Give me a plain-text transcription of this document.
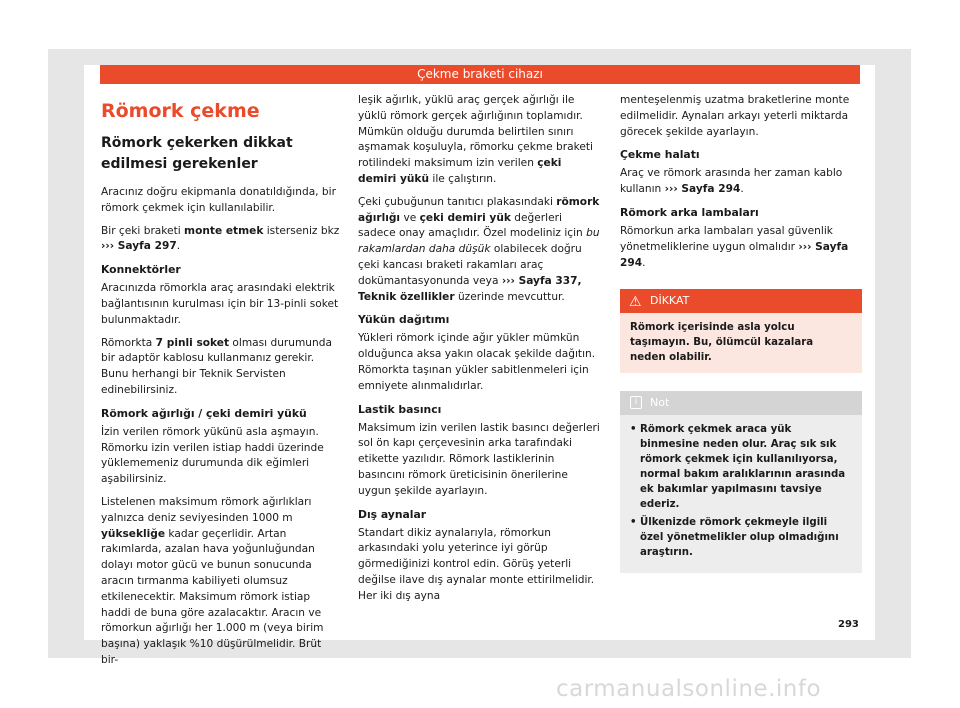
Çekme braketi cihazı
Römork çekme
Römork çekerken dikkat edilmesi gerekenler

Aracınız doğru ekipmanla donatıldığında, bir römork çekmek için kullanılabilir.

Bir çeki braketi monte etmek isterseniz bkz ››› Sayfa 297.

Konnektörler

Aracınızda römorkla araç arasındaki elektrik bağlantısının kurulması için bir 13-pinli soket bulunmaktadır.

Römorkta 7 pinli soket olması durumunda bir adaptör kablosu kullanmanız gerekir. Bunu herhangi bir Teknik Servisten edinebilirsiniz.

Römork ağırlığı / çeki demiri yükü

İzin verilen römork yükünü asla aşmayın. Römorku izin verilen istiap haddi üzerinde yüklememeniz durumunda dik eğimleri aşabilirsiniz.

Listelenen maksimum römork ağırlıkları yalnızca deniz seviyesinden 1000 m yüksekliğe kadar geçerlidir. Artan rakımlarda, azalan hava yoğunluğundan dolayı motor gücü ve bunun sonucunda aracın tırmanma kabiliyeti olumsuz etkilenecektir. Maksimum römork istiap haddi de buna göre azalacaktır. Aracın ve römorkun ağırlığı her 1.000 m (veya birim başına) yaklaşık %10 düşürülmelidir. Brüt bir-

leşik ağırlık, yüklü araç gerçek ağırlığı ile yüklü römork gerçek ağırlığının toplamıdır. Mümkün olduğu durumda belirtilen sınırı aşmamak koşuluyla, römorku çekme braketi rotilindeki maksimum izin verilen çeki demiri yükü ile çalıştırın.

Çeki çubuğunun tanıtıcı plakasındaki römork ağırlığı ve çeki demiri yük değerleri sadece onay amaçlıdır. Özel modeliniz için bu rakamlardan daha düşük olabilecek doğru çeki kancası braketi rakamları araç dokümantasyonunda veya ››› Sayfa 337, Teknik özellikler üzerinde mevcuttur.

Yükün dağıtımı

Yükleri römork içinde ağır yükler mümkün olduğunca aksa yakın olacak şekilde dağıtın. Römorkta taşınan yükler sabitlenmeleri için emniyete alınmalıdırlar.

Lastik basıncı

Maksimum izin verilen lastik basıncı değerleri sol ön kapı çerçevesinin arka tarafındaki etikette yazılıdır. Römork lastiklerinin basıncını römork üreticisinin önerilerine uygun şekilde ayarlayın.

Dış aynalar

Standart dikiz aynalarıyla, römorkun arkasındaki yolu yeterince iyi görüp görmediğinizi kontrol edin. Görüş yeterli değilse ilave dış aynalar monte ettirilmelidir. Her iki dış ayna

menteşelenmiş uzatma braketlerine monte edilmelidir. Aynaları arkayı yeterli miktarda görecek şekilde ayarlayın.

Çekme halatı

Araç ve römork arasında her zaman kablo kullanın ››› Sayfa 294.

Römork arka lambaları

Römorkun arka lambaları yasal güvenlik yönetmeliklerine uygun olmalıdır ››› Sayfa 294.

⚠ DİKKAT
Römork içerisinde asla yolcu taşımayın. Bu, ölümcül kazalara neden olabilir.
i	Not
• Römork çekmek araca yük binmesine neden olur. Araç sık sık römork çekmek için kullanılıyorsa, normal bakım aralıklarının arasında ek bakımlar yapılmasını tavsiye ederiz.
• Ülkenizde römork çekmeyle ilgili özel yönetmelikler olup olmadığını araştırın.
293
carmanualsonline.info
